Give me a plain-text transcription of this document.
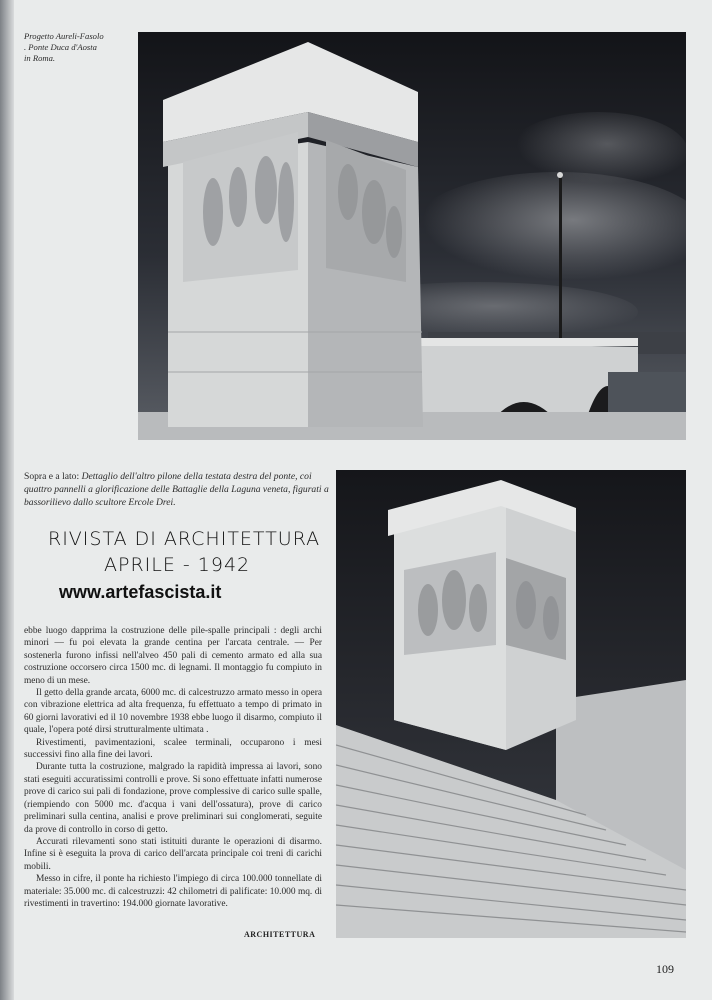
Progetto Aureli-Fasolo
. Ponte Duca d'Aosta
in Roma.
Sopra e a lato: Dettaglio dell'altro pilone della testata destra del ponte, coi quattro pannelli a glorificazione delle Battaglie della Laguna veneta, figurati a bassorilievo dallo scultore Ercole Drei.
RIVISTA DI ARCHITETTURA
APRILE - 1942
www.artefascista.it

ebbe luogo dapprima la costruzione delle pile-spalle principali : degli archi minori — fu poi elevata la grande centina per l'arcata centrale. — Per sostenerla furono infissi nell'alveo 450 pali di cemento armato ed alla sua costruzione occorsero circa 1500 mc. di legnami. Il montaggio fu compiuto in meno di un mese.

Il getto della grande arcata, 6000 mc. di calcestruzzo armato messo in opera con vibrazione elettrica ad alta frequenza, fu effettuato a tempo di primato in 60 giorni lavorativi ed il 10 novembre 1938 ebbe luogo il disarmo, compiuto il quale, l'opera poté dirsi strutturalmente ultimata .

Rivestimenti, pavimentazioni, scalee terminali, occuparono i mesi successivi fino alla fine dei lavori.

Durante tutta la costruzione, malgrado la rapidità impressa ai lavori, sono stati eseguiti accuratissimi controlli e prove. Si sono effettuate infatti numerose prove di carico sui pali di fondazione, prove complessive di carico sulle spalle, (riempiendo con 5000 mc. d'acqua i vani dell'ossatura), prove di carico preliminari sulla centina, analisi e prove preliminari sui conglomerati, seguite da prove di controllo in corso di getto.

Accurati rilevamenti sono stati istituiti durante le operazioni di disarmo. Infine si è eseguita la prova di carico dell'arcata principale coi treni di carichi mobili.

Messo in cifre, il ponte ha richiesto l'impiego di circa 100.000 tonnellate di materiale: 35.000 mc. di calcestruzzi: 42 chilometri di palificate: 10.000 mq. di rivestimenti in travertino: 194.000 giornate lavorative.

ARCHITETTURA
109
